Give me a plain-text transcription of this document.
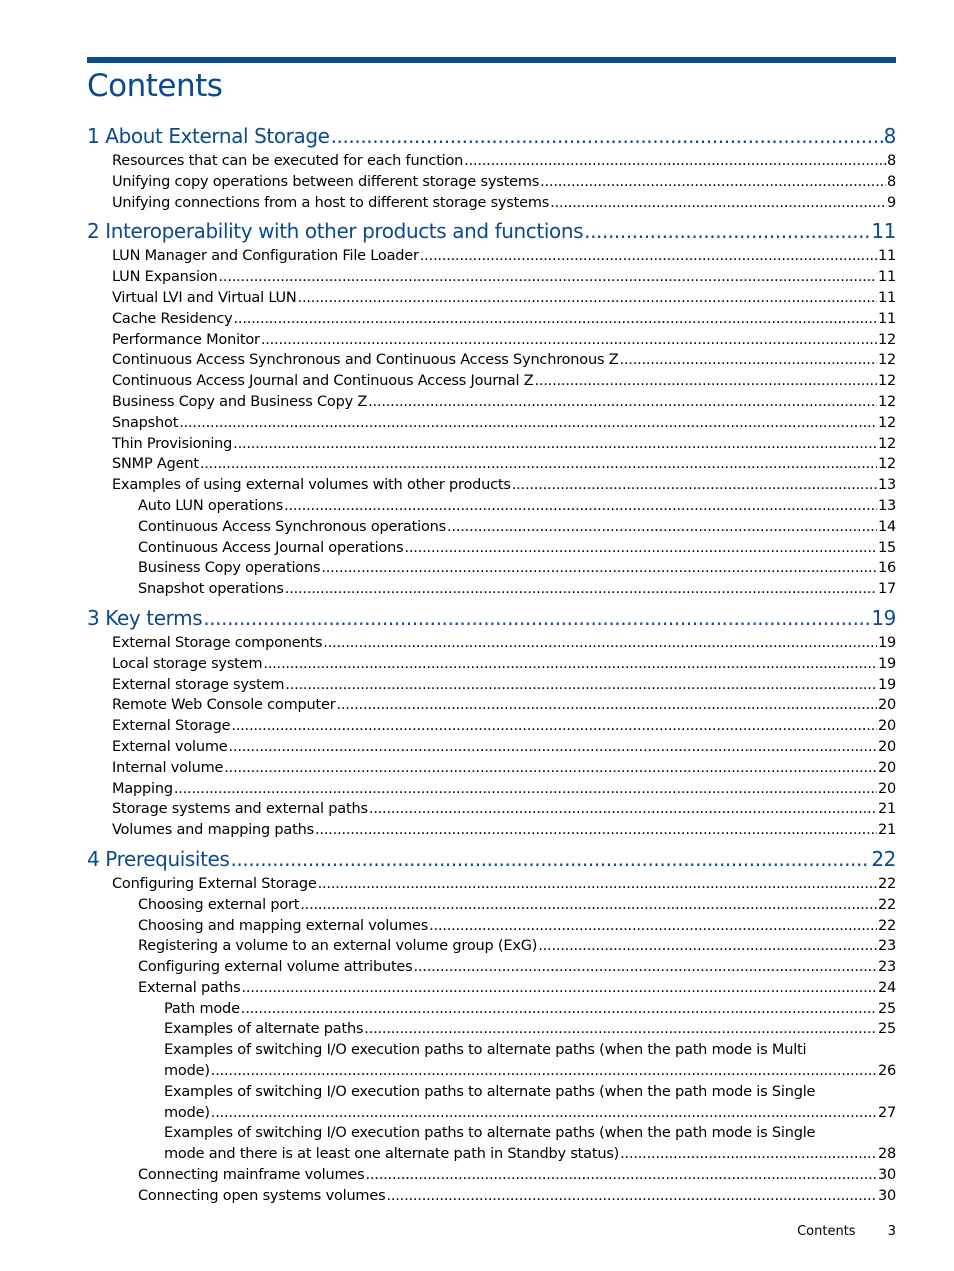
Contents
1 About External Storage .....	8
Resources that can be executed for each function .....	8
Unifying copy operations between different storage systems .....	8
Unifying connections from a host to different storage systems .....	9
2 Interoperability with other products and functions .....	11
LUN Manager and Configuration File Loader .....	11
LUN Expansion .....	11
Virtual LVI and Virtual LUN .....	11
Cache Residency .....	11
Performance Monitor .....	12
Continuous Access Synchronous and Continuous Access Synchronous Z .....	12
Continuous Access Journal and Continuous Access Journal Z .....	12
Business Copy and Business Copy Z .....	12
Snapshot .....	12
Thin Provisioning .....	12
SNMP Agent .....	12
Examples of using external volumes with other products .....	13
Auto LUN operations .....	13
Continuous Access Synchronous operations .....	14
Continuous Access Journal operations .....	15
Business Copy operations .....	16
Snapshot operations .....	17
3 Key terms .....	19
External Storage components .....	19
Local storage system .....	19
External storage system .....	19
Remote Web Console computer .....	20
External Storage .....	20
External volume .....	20
Internal volume .....	20
Mapping .....	20
Storage systems and external paths .....	21
Volumes and mapping paths .....	21
4 Prerequisites .....	22
Configuring External Storage .....	22
Choosing external port .....	22
Choosing and mapping external volumes .....	22
Registering a volume to an external volume group (ExG) .....	23
Configuring external volume attributes .....	23
External paths .....	24
Path mode .....	25
Examples of alternate paths .....	25
Examples of switching I/O execution paths to alternate paths (when the path mode is Multi
mode) .....	26
Examples of switching I/O execution paths to alternate paths (when the path mode is Single
mode) .....	27
Examples of switching I/O execution paths to alternate paths (when the path mode is Single
mode and there is at least one alternate path in Standby status) .....	28
Connecting mainframe volumes .....	30
Connecting open systems volumes .....	30
Contents 3
